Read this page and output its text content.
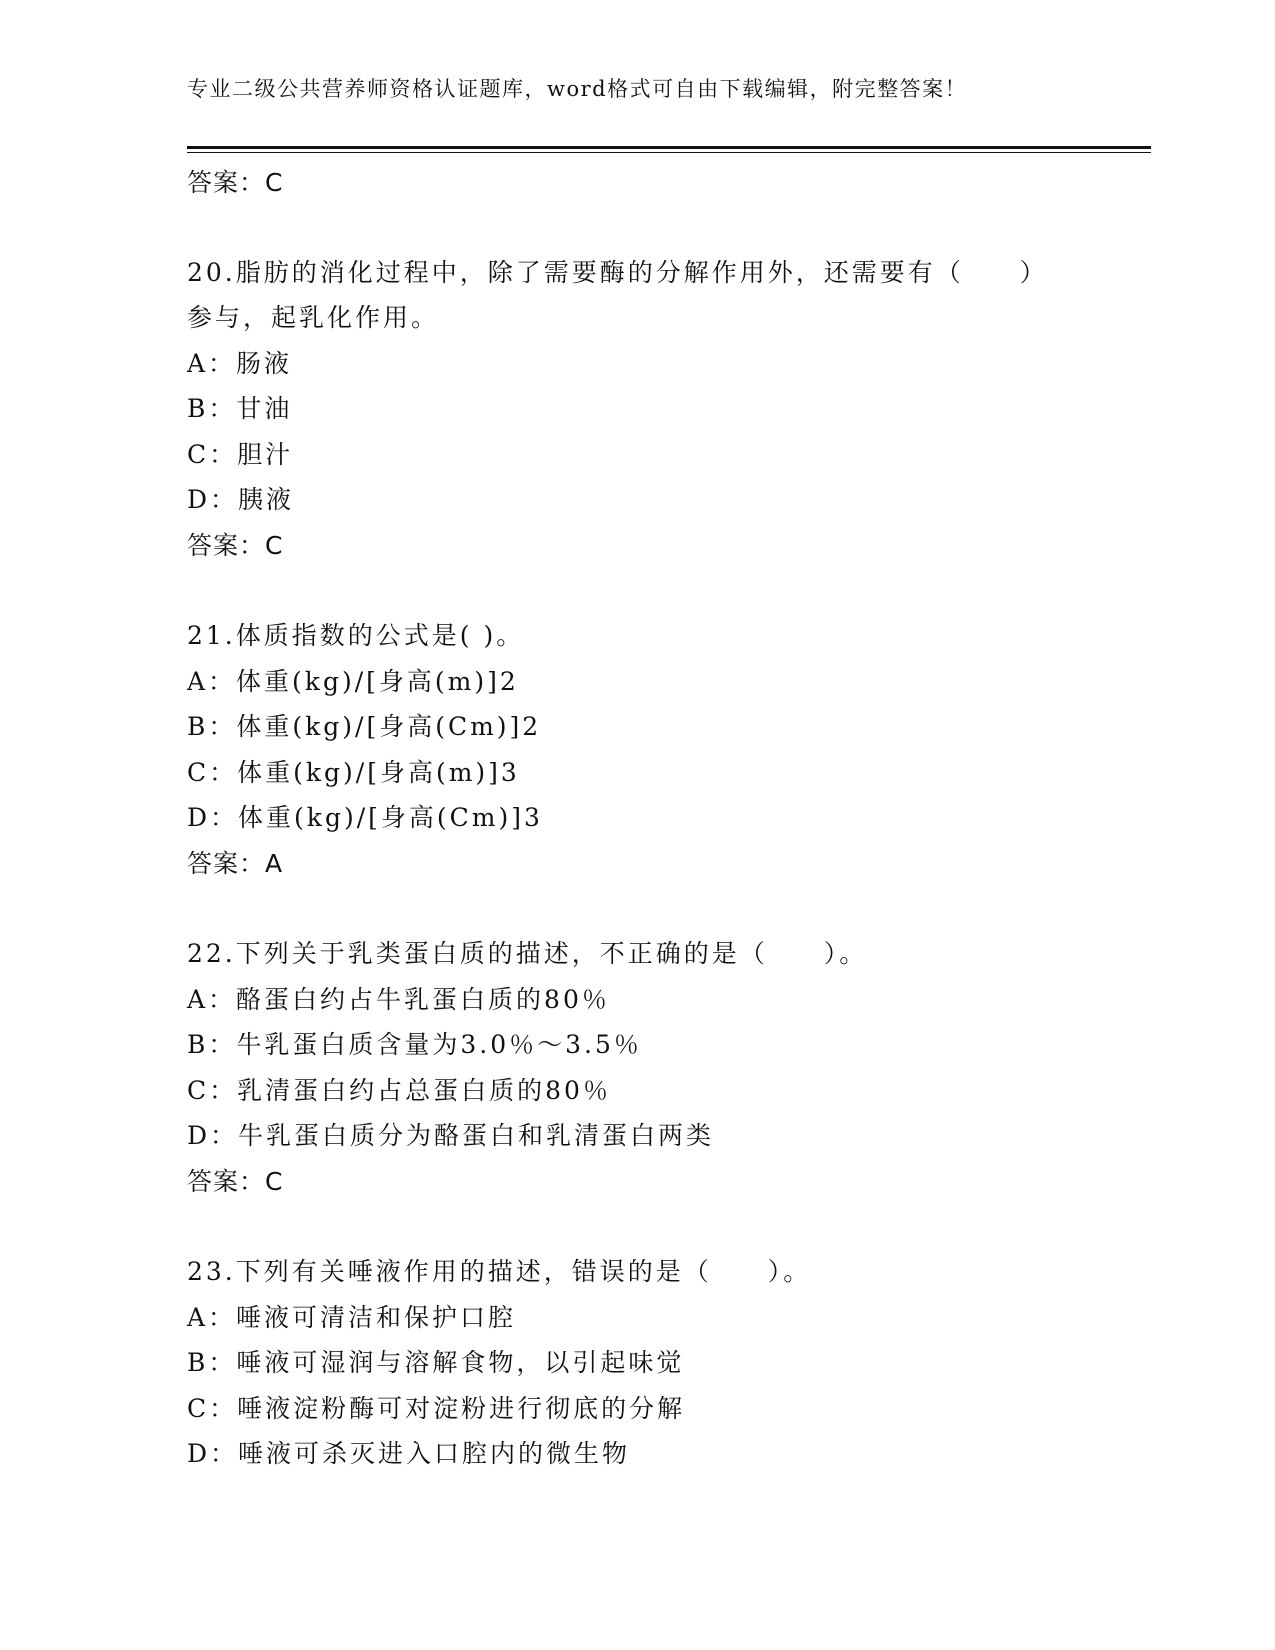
专业二级公共营养师资格认证题库，word格式可自由下载编辑，附完整答案！
答案：C
20.脂肪的消化过程中，除了需要酶的分解作用外，还需要有（　　）
参与，起乳化作用。
A：肠液
B：甘油
C：胆汁
D：胰液
答案：C
21.体质指数的公式是( )。
A：体重(kg)/[身高(m)]2
B：体重(kg)/[身高(Cm)]2
C：体重(kg)/[身高(m)]3
D：体重(kg)/[身高(Cm)]3
答案：A
22.下列关于乳类蛋白质的描述，不正确的是（　　）。
A：酪蛋白约占牛乳蛋白质的80％
B：牛乳蛋白质含量为3.0％～3.5％
C：乳清蛋白约占总蛋白质的80％
D：牛乳蛋白质分为酪蛋白和乳清蛋白两类
答案：C
23.下列有关唾液作用的描述，错误的是（　　）。
A：唾液可清洁和保护口腔
B：唾液可湿润与溶解食物，以引起味觉
C：唾液淀粉酶可对淀粉进行彻底的分解
D：唾液可杀灭进入口腔内的微生物
